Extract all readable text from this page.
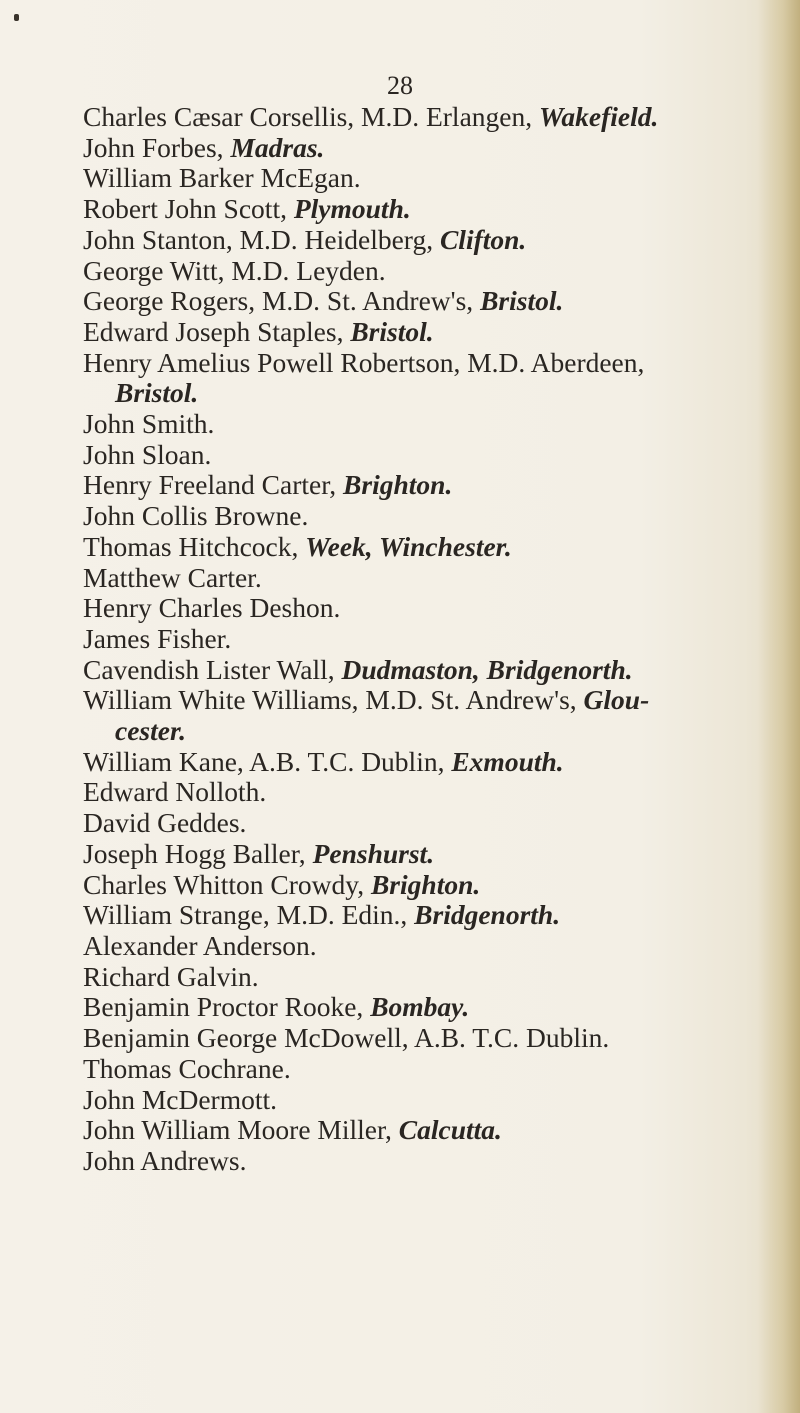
28
Charles Cæsar Corsellis, M.D. Erlangen, Wakefield.
John Forbes, Madras.
William Barker McEgan.
Robert John Scott, Plymouth.
John Stanton, M.D. Heidelberg, Clifton.
George Witt, M.D. Leyden.
George Rogers, M.D. St. Andrew's, Bristol.
Edward Joseph Staples, Bristol.
Henry Amelius Powell Robertson, M.D. Aberdeen,
Bristol.
John Smith.
John Sloan.
Henry Freeland Carter, Brighton.
John Collis Browne.
Thomas Hitchcock, Week, Winchester.
Matthew Carter.
Henry Charles Deshon.
James Fisher.
Cavendish Lister Wall, Dudmaston, Bridgenorth.
William White Williams, M.D. St. Andrew's, Glou-
cester.
William Kane, A.B. T.C. Dublin, Exmouth.
Edward Nolloth.
David Geddes.
Joseph Hogg Baller, Penshurst.
Charles Whitton Crowdy, Brighton.
William Strange, M.D. Edin., Bridgenorth.
Alexander Anderson.
Richard Galvin.
Benjamin Proctor Rooke, Bombay.
Benjamin George McDowell, A.B. T.C. Dublin.
Thomas Cochrane.
John McDermott.
John William Moore Miller, Calcutta.
John Andrews.
